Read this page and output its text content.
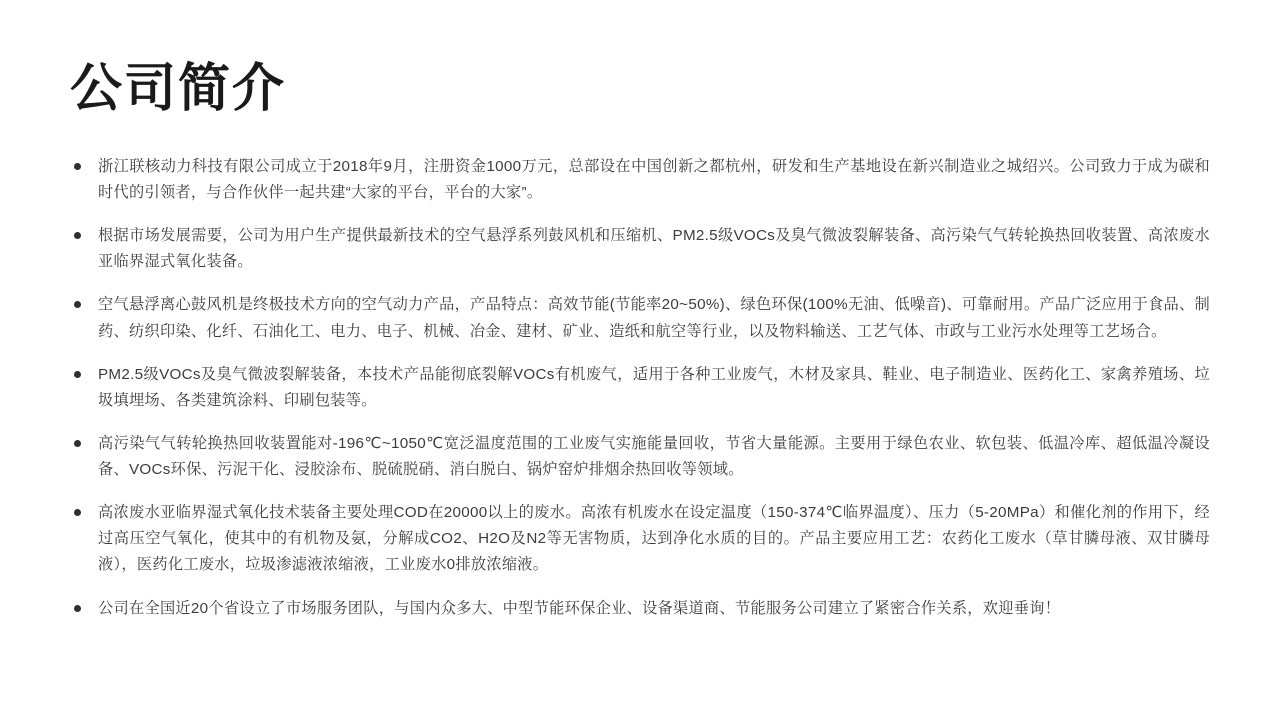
公司简介
浙江联核动力科技有限公司成立于2018年9月，注册资金1000万元，总部设在中国创新之都杭州，研发和生产基地设在新兴制造业之城绍兴。公司致力于成为碳和时代的引领者，与合作伙伴一起共建“大家的平台，平台的大家”。
根据市场发展需要，公司为用户生产提供最新技术的空气悬浮系列鼓风机和压缩机、PM2.5级VOCs及臭气微波裂解装备、高污染气气转轮换热回收装置、高浓废水亚临界湿式氧化装备。
空气悬浮离心鼓风机是终极技术方向的空气动力产品，产品特点：高效节能(节能率20~50%)、绿色环保(100%无油、低噪音)、可靠耐用。产品广泛应用于食品、制药、纺织印染、化纤、石油化工、电力、电子、机械、冶金、建材、矿业、造纸和航空等行业，以及物料输送、工艺气体、市政与工业污水处理等工艺场合。
PM2.5级VOCs及臭气微波裂解装备，本技术产品能彻底裂解VOCs有机废气，适用于各种工业废气，木材及家具、鞋业、电子制造业、医药化工、家禽养殖场、垃圾填埋场、各类建筑涂料、印刷包装等。
高污染气气转轮换热回收装置能对-196℃~1050℃宽泛温度范围的工业废气实施能量回收，节省大量能源。主要用于绿色农业、软包装、低温冷库、超低温冷凝设备、VOCs环保、污泥干化、浸胶涂布、脱硫脱硝、消白脱白、锅炉窑炉排烟余热回收等领域。
高浓废水亚临界湿式氧化技术装备主要处理COD在20000以上的废水。高浓有机废水在设定温度（150-374℃临界温度）、压力（5-20MPa）和催化剂的作用下，经过高压空气氧化，使其中的有机物及氨，分解成CO2、H2O及N2等无害物质，达到净化水质的目的。产品主要应用工艺：农药化工废水（草甘膦母液、双甘膦母液），医药化工废水，垃圾渗滤液浓缩液，工业废水0排放浓缩液。
公司在全国近20个省设立了市场服务团队，与国内众多大、中型节能环保企业、设备渠道商、节能服务公司建立了紧密合作关系，欢迎垂询！
